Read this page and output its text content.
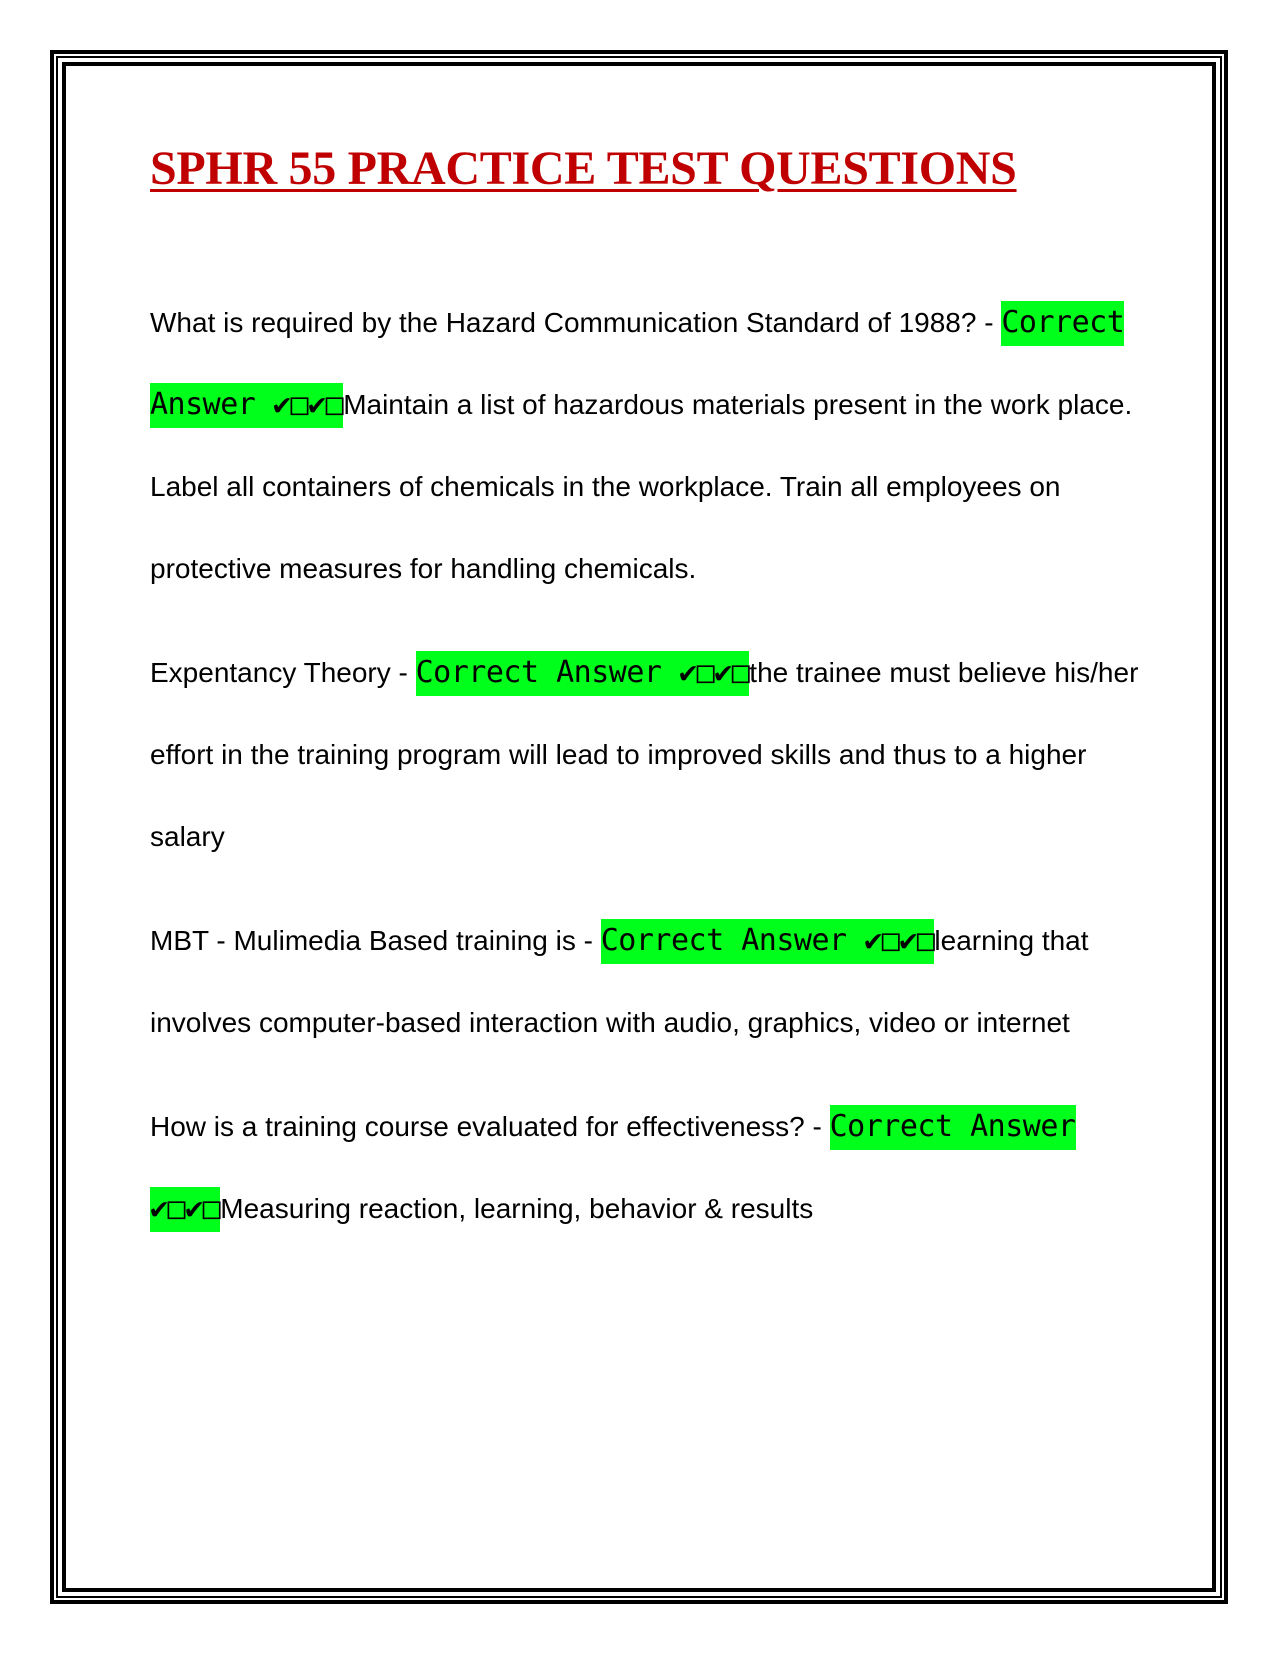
SPHR 55 PRACTICE TEST QUESTIONS

What is required by the Hazard Communication Standard of 1988? - Correct Answer ✔□✔□Maintain a list of hazardous materials present in the work place. Label all containers of chemicals in the workplace. Train all employees on protective measures for handling chemicals.

Expentancy Theory - Correct Answer ✔□✔□the trainee must believe his/her effort in the training program will lead to improved skills and thus to a higher salary

MBT - Mulimedia Based training is - Correct Answer ✔□✔□learning that involves computer-based interaction with audio, graphics, video or internet

How is a training course evaluated for effectiveness? - Correct Answer ✔□✔□Measuring reaction, learning, behavior & results
